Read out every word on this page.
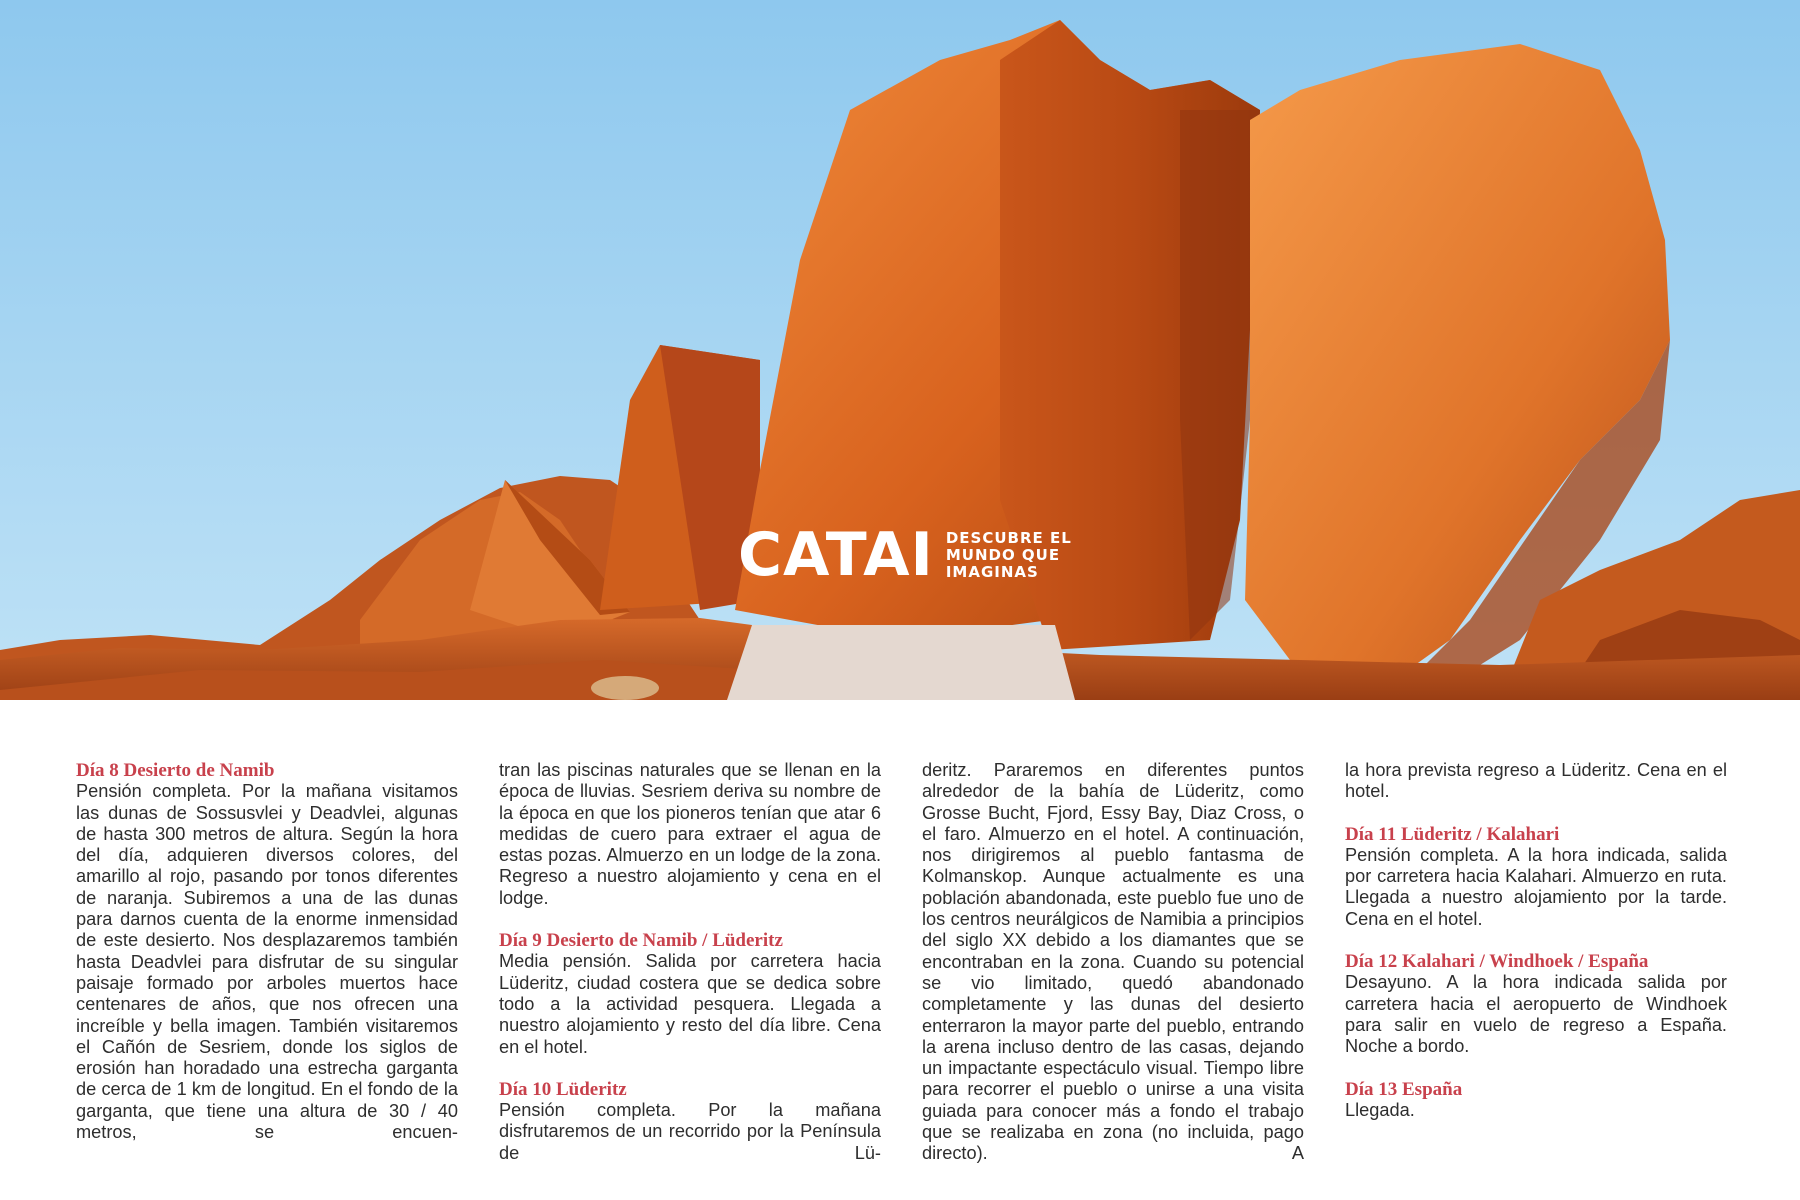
CATAI DESCUBRE EL
MUNDO QUE
IMAGINAS
Día 8 Desierto de Namib

Pensión completa. Por la mañana visitamos las dunas de Sossusvlei y Deadvlei, algunas de hasta 300 metros de altura. Según la hora del día, adquieren diversos colores, del amarillo al rojo, pasando por tonos diferentes de naranja. Subiremos a una de las dunas para darnos cuenta de la enorme inmensidad de este desierto. Nos desplazaremos también hasta Deadvlei para disfrutar de su singular paisaje formado por arboles muertos hace centenares de años, que nos ofrecen una increíble y bella imagen. También visitaremos el Cañón de Sesriem, donde los siglos de erosión han horadado una estrecha garganta de cerca de 1 km de longitud. En el fondo de la garganta, que tiene una altura de 30 / 40 metros, se encuen-

tran las piscinas naturales que se llenan en la época de lluvias. Sesriem deriva su nombre de la época en que los pioneros tenían que atar 6 medidas de cuero para extraer el agua de estas pozas. Almuerzo en un lodge de la zona. Regreso a nuestro alojamiento y cena en el lodge.

Día 9 Desierto de Namib / Lüderitz

Media pensión. Salida por carretera hacia Lüderitz, ciudad costera que se dedica sobre todo a la actividad pesquera. Llegada a nuestro alojamiento y resto del día libre. Cena en el hotel.

Día 10 Lüderitz

Pensión completa. Por la mañana disfrutaremos de un recorrido por la Península de Lü-

deritz. Pararemos en diferentes puntos alrededor de la bahía de Lüderitz, como Grosse Bucht, Fjord, Essy Bay, Diaz Cross, o el faro. Almuerzo en el hotel. A continuación, nos dirigiremos al pueblo fantasma de Kolmanskop. Aunque actualmente es una población abandonada, este pueblo fue uno de los centros neurálgicos de Namibia a principios del siglo XX debido a los diamantes que se encontraban en la zona. Cuando su potencial se vio limitado, quedó abandonado completamente y las dunas del desierto enterraron la mayor parte del pueblo, entrando la arena incluso dentro de las casas, dejando un impactante espectáculo visual. Tiempo libre para recorrer el pueblo o unirse a una visita guiada para conocer más a fondo el trabajo que se realizaba en zona (no incluida, pago directo). A

la hora prevista regreso a Lüderitz. Cena en el hotel.

Día 11 Lüderitz / Kalahari

Pensión completa. A la hora indicada, salida por carretera hacia Kalahari. Almuerzo en ruta. Llegada a nuestro alojamiento por la tarde. Cena en el hotel.

Día 12 Kalahari / Windhoek / España

Desayuno. A la hora indicada salida por carretera hacia el aeropuerto de Windhoek para salir en vuelo de regreso a España. Noche a bordo.

Día 13 España

Llegada.
